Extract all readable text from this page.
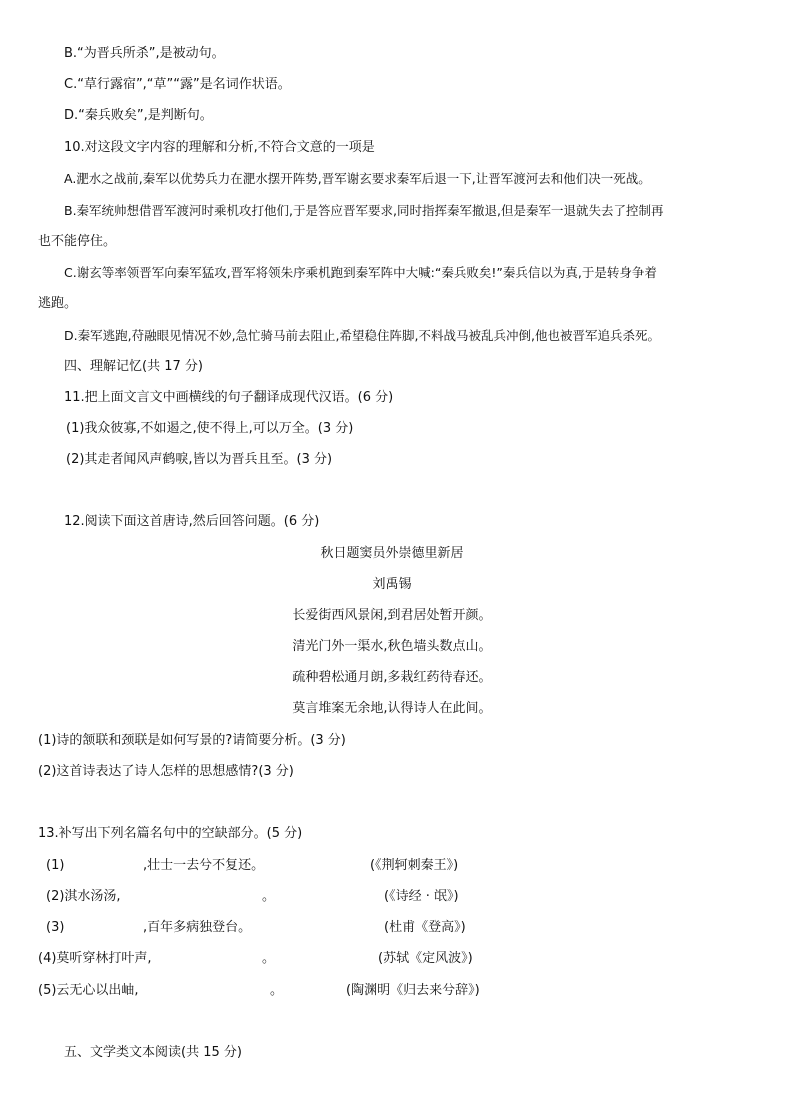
B.“为晋兵所杀”,是被动句。
C.“草行露宿”,“草”“露”是名词作状语。
D.“秦兵败矣”,是判断句。
10.对这段文字内容的理解和分析,不符合文意的一项是
A.淝水之战前,秦军以优势兵力在淝水摆开阵势,晋军谢玄要求秦军后退一下,让晋军渡河去和他们决一死战。
B.秦军统帅想借晋军渡河时乘机攻打他们,于是答应晋军要求,同时指挥秦军撤退,但是秦军一退就失去了控制再
也不能停住。
C.谢玄等率领晋军向秦军猛攻,晋军将领朱序乘机跑到秦军阵中大喊:“秦兵败矣!”秦兵信以为真,于是转身争着
逃跑。
D.秦军逃跑,苻融眼见情况不妙,急忙骑马前去阻止,希望稳住阵脚,不料战马被乱兵冲倒,他也被晋军追兵杀死。
四、理解记忆(共 17 分)
11.把上面文言文中画横线的句子翻译成现代汉语。(6 分)
(1)我众彼寡,不如遏之,使不得上,可以万全。(3 分)
(2)其走者闻风声鹤唳,皆以为晋兵且至。(3 分)
12.阅读下面这首唐诗,然后回答问题。(6 分)
秋日题窦员外崇德里新居
刘禹锡
长爱街西风景闲,到君居处暂开颜。
清光门外一渠水,秋色墙头数点山。
疏种碧松通月朗,多栽红药待春还。
莫言堆案无余地,认得诗人在此间。
(1)诗的颔联和颈联是如何写景的?请简要分析。(3 分)
(2)这首诗表达了诗人怎样的思想感情?(3 分)
13.补写出下列名篇名句中的空缺部分。(5 分)
(1)	,壮士一去兮不复还。	(《荆轲刺秦王》)
(2)淇水汤汤,	。	(《诗经 · 氓》)
(3)	,百年多病独登台。	(杜甫《登高》)
(4)莫听穿林打叶声,	。	(苏轼《定风波》)
(5)云无心以出岫,	。	(陶渊明《归去来兮辞》)
五、文学类文本阅读(共 15 分)
